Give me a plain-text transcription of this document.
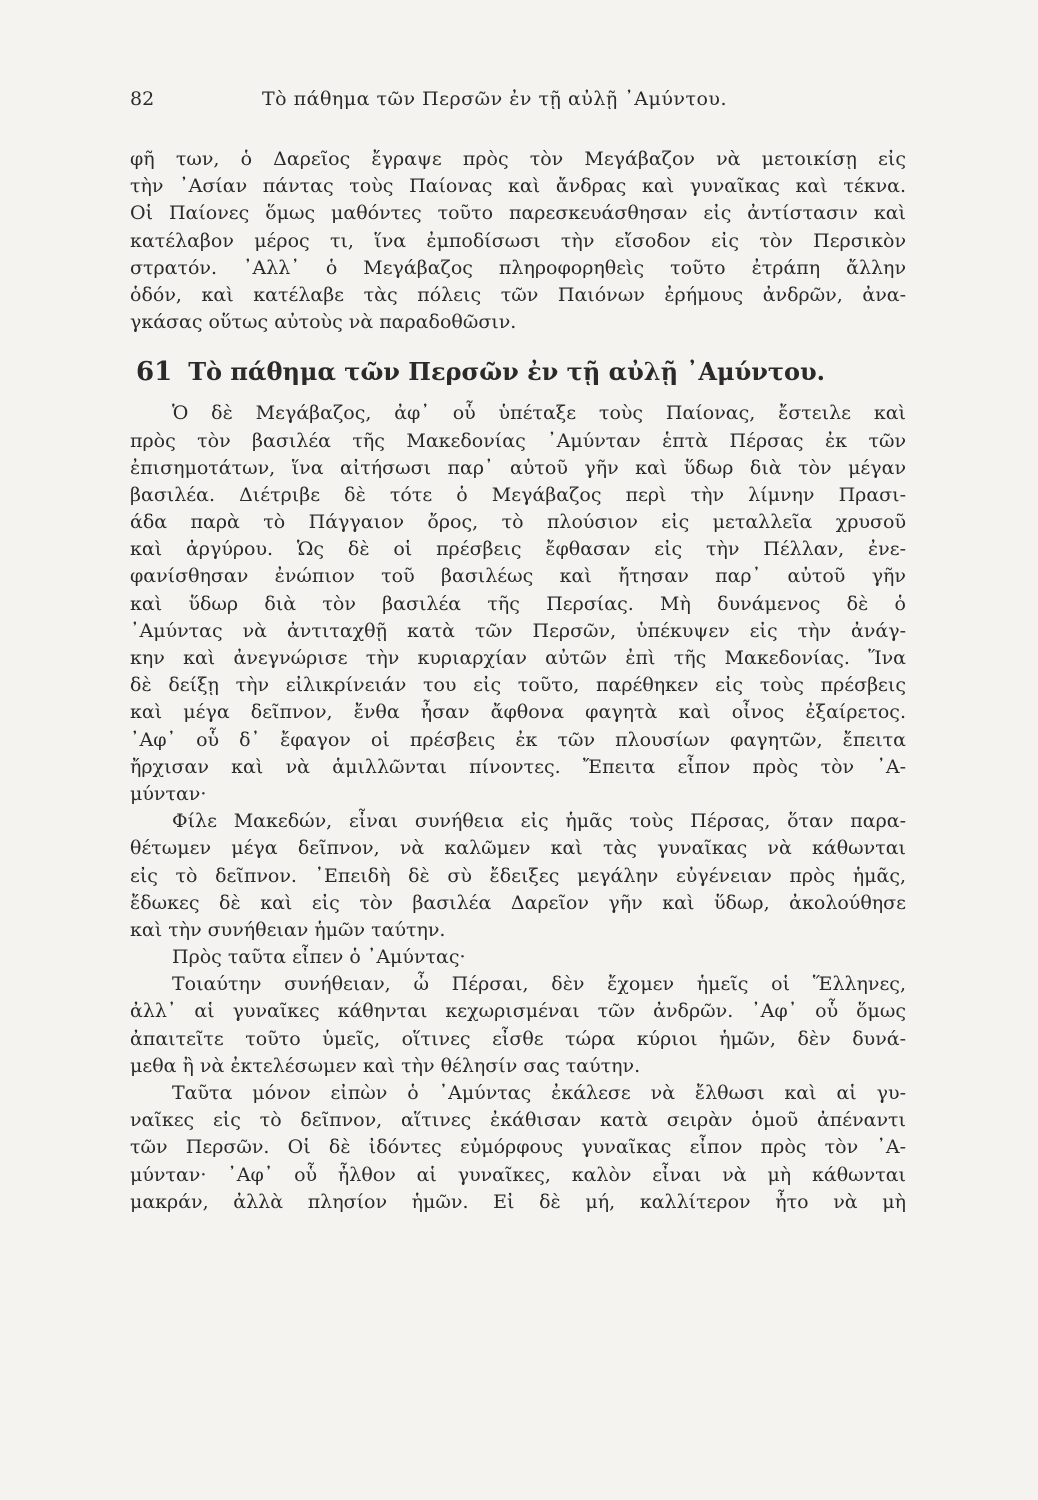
82	Τὸ πάθημα τῶν Περσῶν ἐν τῇ αὐλῇ ᾽Αμύντου.
φῆ των, ὁ Δαρεῖος ἔγραψε πρὸς τὸν Μεγάβαζον νὰ μετοικίσῃ εἰς
τὴν ᾽Ασίαν πάντας τοὺς Παίονας καὶ ἄνδρας καὶ γυναῖκας καὶ τέκνα.
Οἱ Παίονες ὅμως μαθόντες τοῦτο παρεσκευάσθησαν εἰς ἀντίστασιν καὶ
κατέλαβον μέρος τι, ἵνα ἐμποδίσωσι τὴν εἴσοδον εἰς τὸν Περσικὸν
στρατόν. ᾽Αλλ᾽ ὁ Μεγάβαζος πληροφορηθεὶς τοῦτο ἐτράπη ἄλλην
ὁδόν, καὶ κατέλαβε τὰς πόλεις τῶν Παιόνων ἐρήμους ἀνδρῶν, ἀνα-
γκάσας οὕτως αὐτοὺς νὰ παραδοθῶσιν.
61 Τὸ πάθημα τῶν Περσῶν ἐν τῇ αὐλῇ ᾽Αμύντου.
Ὁ δὲ Μεγάβαζος, ἀφ᾽ οὗ ὑπέταξε τοὺς Παίονας, ἔστειλε καὶ
πρὸς τὸν βασιλέα τῆς Μακεδονίας ᾽Αμύνταν ἑπτὰ Πέρσας ἐκ τῶν
ἐπισημοτάτων, ἵνα αἰτήσωσι παρ᾽ αὐτοῦ γῆν καὶ ὕδωρ διὰ τὸν μέγαν
βασιλέα. Διέτριβε δὲ τότε ὁ Μεγάβαζος περὶ τὴν λίμνην Πρασι-
άδα παρὰ τὸ Πάγγαιον ὄρος, τὸ πλούσιον εἰς μεταλλεῖα χρυσοῦ
καὶ ἀργύρου. Ὡς δὲ οἱ πρέσβεις ἔφθασαν εἰς τὴν Πέλλαν, ἐνε-
φανίσθησαν ἐνώπιον τοῦ βασιλέως καὶ ἤτησαν παρ᾽ αὐτοῦ γῆν
καὶ ὕδωρ διὰ τὸν βασιλέα τῆς Περσίας. Μὴ δυνάμενος δὲ ὁ
᾽Αμύντας νὰ ἀντιταχθῇ κατὰ τῶν Περσῶν, ὑπέκυψεν εἰς τὴν ἀνάγ-
κην καὶ ἀνεγνώρισε τὴν κυριαρχίαν αὐτῶν ἐπὶ τῆς Μακεδονίας. Ἵνα
δὲ δείξῃ τὴν εἰλικρίνειάν του εἰς τοῦτο, παρέθηκεν εἰς τοὺς πρέσβεις
καὶ μέγα δεῖπνον, ἔνθα ἦσαν ἄφθονα φαγητὰ καὶ οἶνος ἐξαίρετος.
᾽Αφ᾽ οὗ δ᾽ ἔφαγον οἱ πρέσβεις ἐκ τῶν πλουσίων φαγητῶν, ἔπειτα
ἤρχισαν καὶ νὰ ἁμιλλῶνται πίνοντες. Ἔπειτα εἶπον πρὸς τὸν ᾽Α-
μύνταν·
Φίλε Μακεδών, εἶναι συνήθεια εἰς ἡμᾶς τοὺς Πέρσας, ὅταν παρα-
θέτωμεν μέγα δεῖπνον, νὰ καλῶμεν καὶ τὰς γυναῖκας νὰ κάθωνται
εἰς τὸ δεῖπνον. ᾽Επειδὴ δὲ σὺ ἔδειξες μεγάλην εὐγένειαν πρὸς ἡμᾶς,
ἔδωκες δὲ καὶ εἰς τὸν βασιλέα Δαρεῖον γῆν καὶ ὕδωρ, ἀκολούθησε
καὶ τὴν συνήθειαν ἡμῶν ταύτην.
Πρὸς ταῦτα εἶπεν ὁ ᾽Αμύντας·
Τοιαύτην συνήθειαν, ὦ Πέρσαι, δὲν ἔχομεν ἡμεῖς οἱ Ἕλληνες,
ἀλλ᾽ αἱ γυναῖκες κάθηνται κεχωρισμέναι τῶν ἀνδρῶν. ᾽Αφ᾽ οὗ ὅμως
ἀπαιτεῖτε τοῦτο ὑμεῖς, οἵτινες εἶσθε τώρα κύριοι ἡμῶν, δὲν δυνά-
μεθα ἢ νὰ ἐκτελέσωμεν καὶ τὴν θέλησίν σας ταύτην.
Ταῦτα μόνον εἰπὼν ὁ ᾽Αμύντας ἐκάλεσε νὰ ἔλθωσι καὶ αἱ γυ-
ναῖκες εἰς τὸ δεῖπνον, αἵτινες ἐκάθισαν κατὰ σειρὰν ὁμοῦ ἀπέναντι
τῶν Περσῶν. Οἱ δὲ ἰδόντες εὐμόρφους γυναῖκας εἶπον πρὸς τὸν ᾽Α-
μύνταν· ᾽Αφ᾽ οὗ ἦλθον αἱ γυναῖκες, καλὸν εἶναι νὰ μὴ κάθωνται
μακράν, ἀλλὰ πλησίον ἡμῶν. Εἰ δὲ μή, καλλίτερον ἦτο νὰ μὴ
